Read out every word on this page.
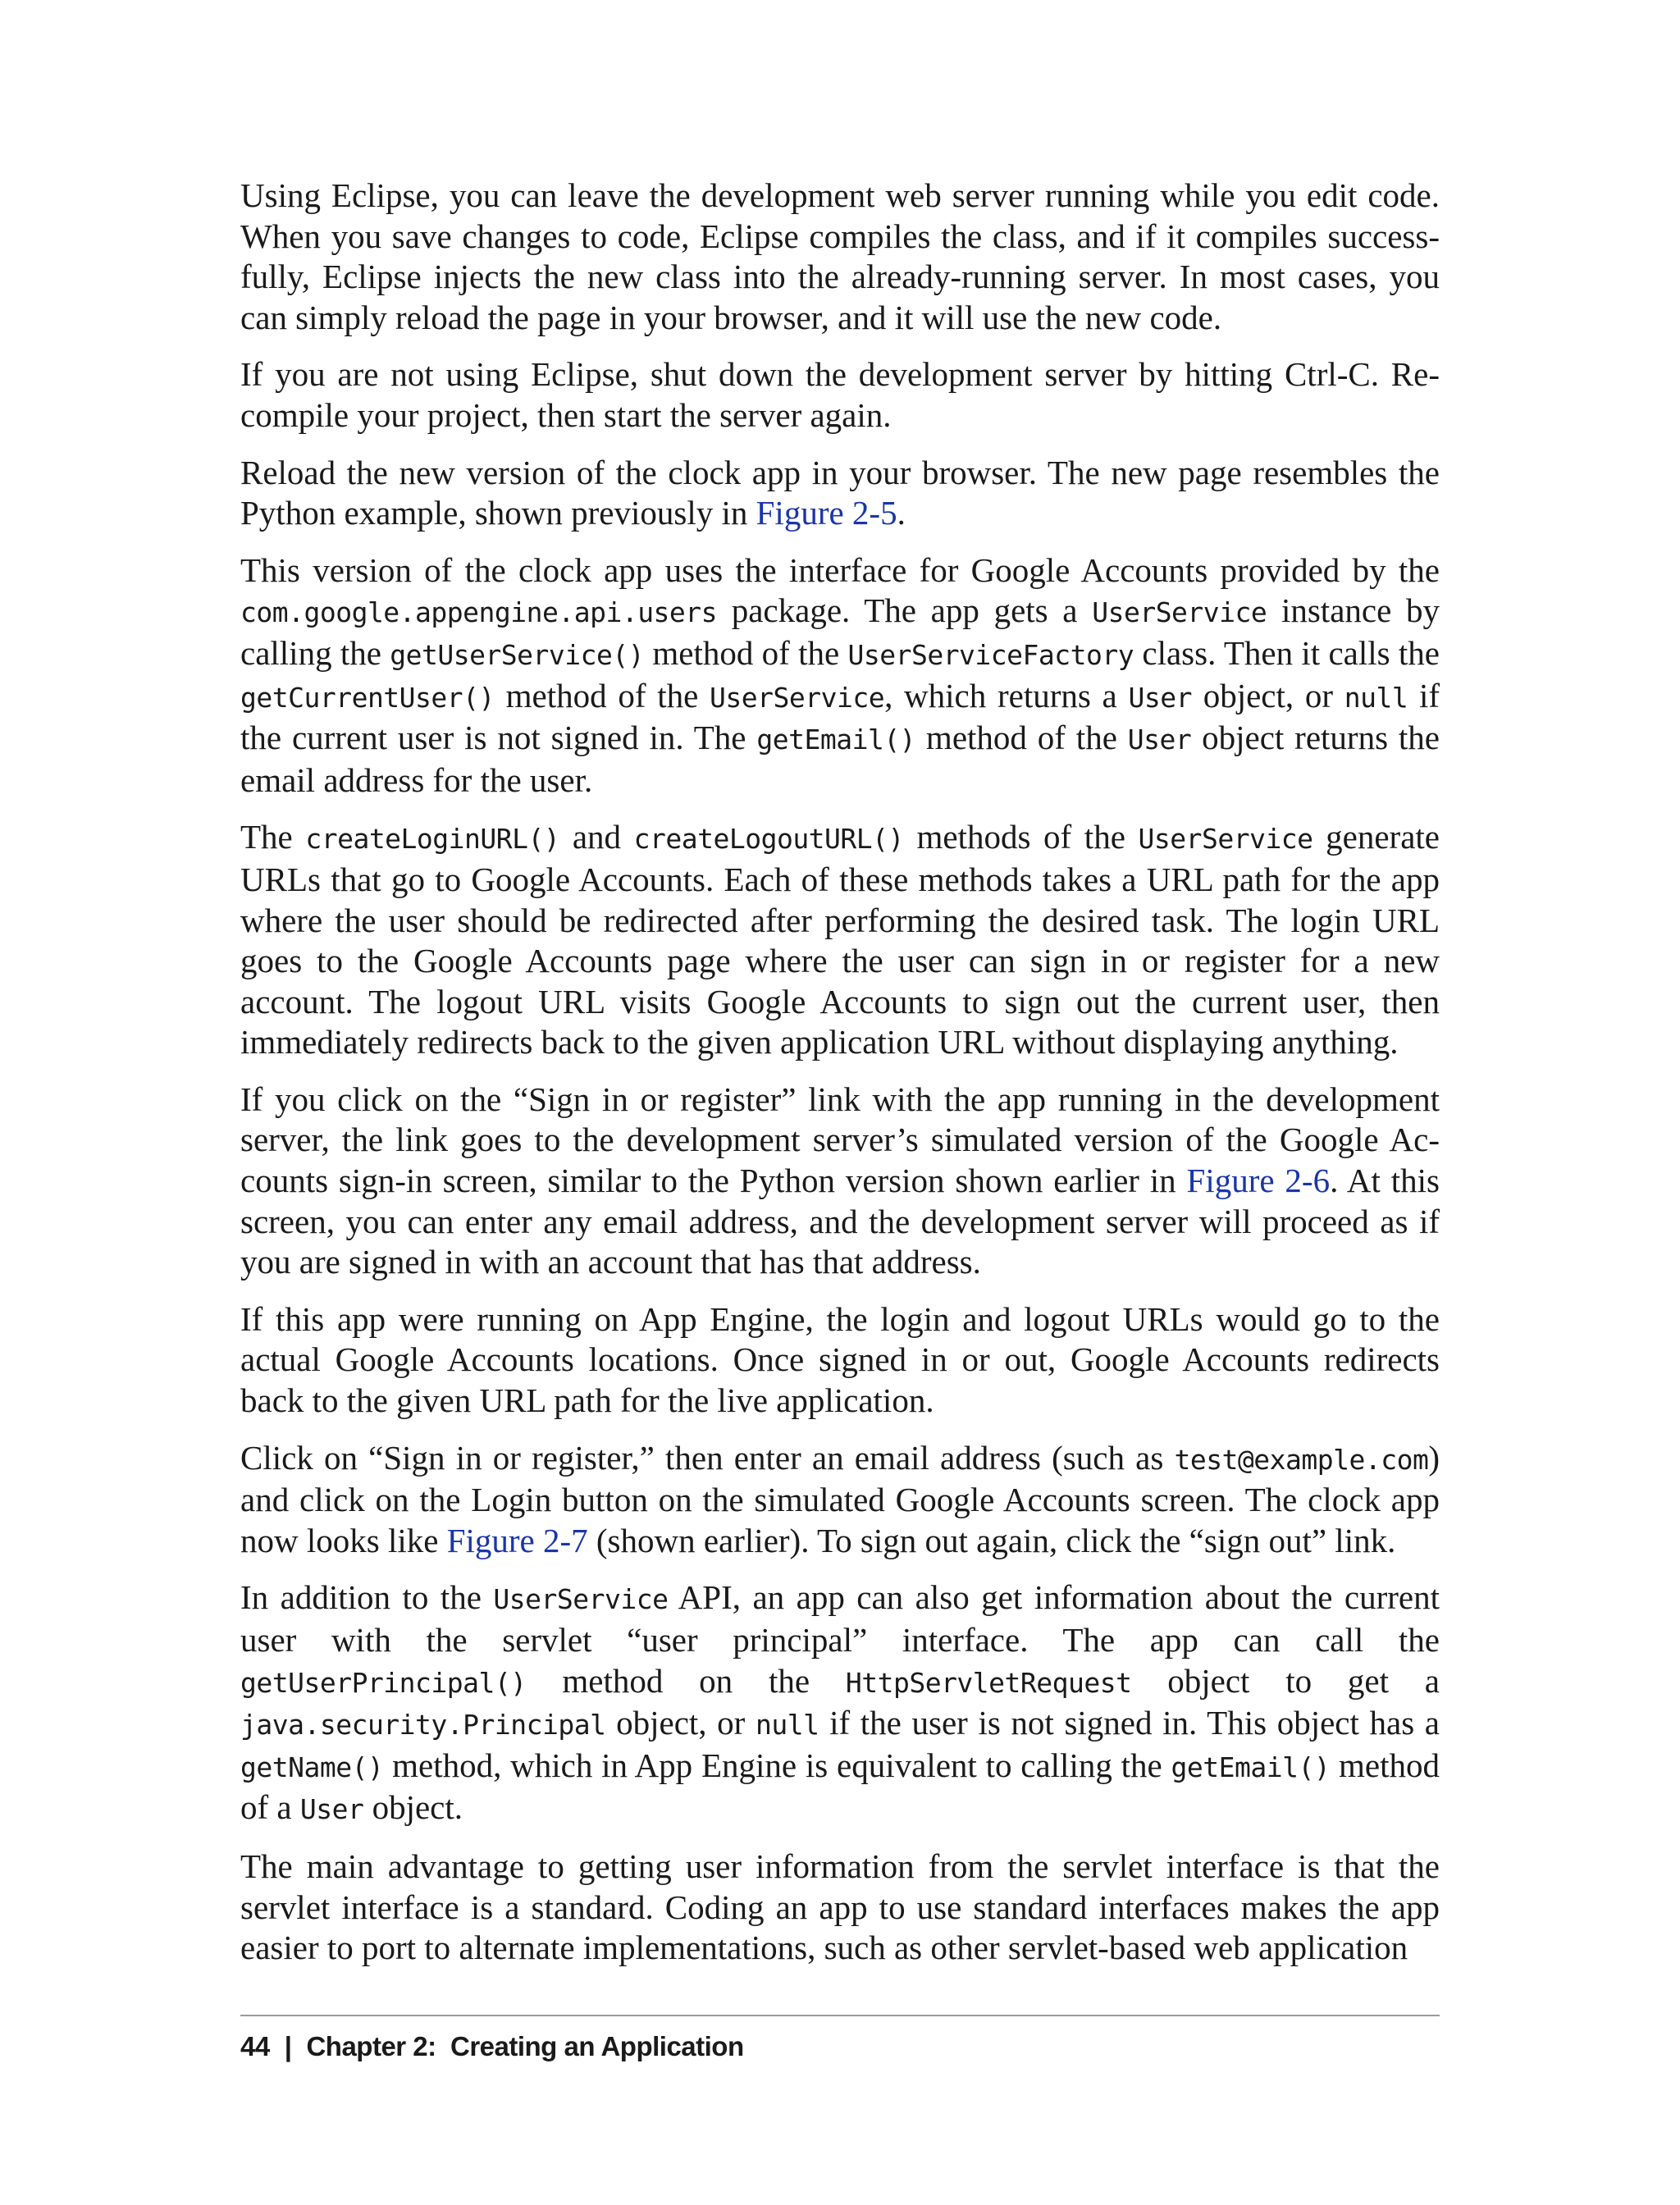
Using Eclipse, you can leave the development web server running while you edit code. When you save changes to code, Eclipse compiles the class, and if it compiles successfully, Eclipse injects the new class into the already-running server. In most cases, you can simply reload the page in your browser, and it will use the new code.

If you are not using Eclipse, shut down the development server by hitting Ctrl-C. Recompile your project, then start the server again.

Reload the new version of the clock app in your browser. The new page resembles the Python example, shown previously in Figure 2-5.

This version of the clock app uses the interface for Google Accounts provided by the com.google.appengine.api.users package. The app gets a UserService instance by calling the getUserService() method of the UserServiceFactory class. Then it calls the getCurrentUser() method of the UserService, which returns a User object, or null if the current user is not signed in. The getEmail() method of the User object returns the email address for the user.

The createLoginURL() and createLogoutURL() methods of the UserService generate URLs that go to Google Accounts. Each of these methods takes a URL path for the app where the user should be redirected after performing the desired task. The login URL goes to the Google Accounts page where the user can sign in or register for a new account. The logout URL visits Google Accounts to sign out the current user, then immediately redirects back to the given application URL without displaying anything.

If you click on the “Sign in or register” link with the app running in the development server, the link goes to the development server’s simulated version of the Google Accounts sign-in screen, similar to the Python version shown earlier in Figure 2-6. At this screen, you can enter any email address, and the development server will proceed as if you are signed in with an account that has that address.

If this app were running on App Engine, the login and logout URLs would go to the actual Google Accounts locations. Once signed in or out, Google Accounts redirects back to the given URL path for the live application.

Click on “Sign in or register,” then enter an email address (such as test@example.com) and click on the Login button on the simulated Google Accounts screen. The clock app now looks like Figure 2-7 (shown earlier). To sign out again, click the “sign out” link.

In addition to the UserService API, an app can also get information about the current user with the servlet “user principal” interface. The app can call the getUserPrincipal() method on the HttpServletRequest object to get a java.security.Principal object, or null if the user is not signed in. This object has a getName() method, which in App Engine is equivalent to calling the getEmail() method of a User object.

The main advantage to getting user information from the servlet interface is that the servlet interface is a standard. Coding an app to use standard interfaces makes the app easier to port to alternate implementations, such as other servlet-based web application

44 | Chapter 2:  Creating an Application
